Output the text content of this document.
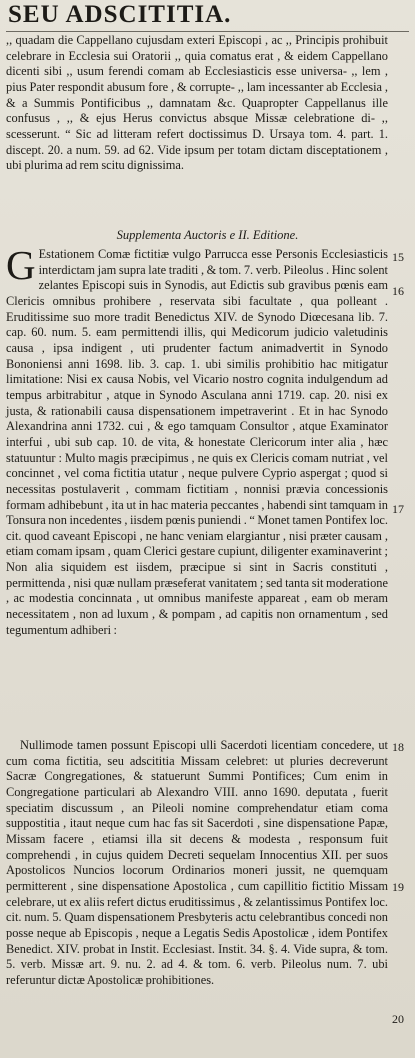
SEU ADSCITITIA.
,, quadam die Cappellano cujusdam exteri Episcopi , ac ,, Principis prohibuit celebrare in Ecclesia sui Oratorii ,, quia comatus erat , & eidem Cappellano dicenti sibi ,, usum ferendi comam ab Ecclesiasticis esse universa- ,, lem , pius Pater respondit abusum fore , & corrupte- ,, lam incessanter ab Ecclesia , & a Summis Pontificibus ,, damnatam &c. Quapropter Cappellanus ille confusus , ,, & ejus Herus convictus absque Missæ celebratione di- ,, scesserunt. “ Sic ad litteram refert doctissimus D. Ursaya tom. 4. part. 1. discept. 20. a num. 59. ad 62. Vide ipsum per totam dictam disceptationem , ubi plurima ad rem scitu dignissima.
Supplementa Auctoris e II. Editione.
G Estationem Comæ fictitiæ vulgo Parrucca esse Personis Ecclesiasticis interdictam jam supra late traditi , & tom. 7. verb. Pileolus . Hinc solent zelantes Episcopi suis in Synodis, aut Edictis sub gravibus pœnis eam Clericis omnibus prohibere , reservata sibi facultate , qua polleant . Eruditissime suo more tradit Benedictus XIV. de Synodo Diœcesana lib. 7. cap. 60. num. 5. eam permittendi illis, qui Medicorum judicio valetudinis causa , ipsa indigent , uti prudenter factum animadvertit in Synodo Bononiensi anni 1698. lib. 3. cap. 1. ubi similis prohibitio hac mitigatur limitatione: Nisi ex causa Nobis, vel Vicario nostro cognita indulgendum ad tempus arbitrabitur , atque in Synodo Asculana anni 1719. cap. 20. nisi ex justa, & rationabili causa dispensationem impetraverint . Et in hac Synodo Alexandrina anni 1732. cui , & ego tamquam Consultor , atque Examinator interfui , ubi sub cap. 10. de vita, & honestate Clericorum inter alia , hæc statuuntur : Multo magis præcipimus , ne quis ex Clericis comam nutriat , vel concinnet , vel coma fictitia utatur , neque pulvere Cyprio aspergat ; quod si necessitas postulaverit , commam fictitiam , nonnisi prævia concessionis formam adhibebunt , ita ut in hac materia peccantes , habendi sint tamquam in Tonsura non incedentes , iisdem pœnis puniendi . “ Monet tamen Pontifex loc. cit. quod caveant Episcopi , ne hanc veniam elargiantur , nisi præter causam , etiam comam ipsam , quam Clerici gestare cupiunt, diligenter examinaverint ; Non alia siquidem est iisdem, præcipue si sint in Sacris constituti , permittenda , nisi quæ nullam præseferat vanitatem ; sed tanta sit moderatione , ac modestia concinnata , ut omnibus manifeste appareat , eam ob meram necessitatem , non ad luxum , & pompam , ad capitis non ornamentum , sed tegumentum adhiberi :
Nullimode tamen possunt Episcopi ulli Sacerdoti licentiam concedere, ut cum coma fictitia, seu adscititia Missam celebret: ut pluries decreverunt Sacræ Congregationes, & statuerunt Summi Pontifices; Cum enim in Congregatione particulari ab Alexandro VIII. anno 1690. deputata , fuerit speciatim discussum , an Pileoli nomine comprehendatur etiam coma suppostitia , itaut neque cum hac fas sit Sacerdoti , sine dispensatione Papæ, Missam facere , etiamsi illa sit decens & modesta , responsum fuit comprehendi , in cujus quidem Decreti sequelam Innocentius XII. per suos Apostolicos Nuncios locorum Ordinarios moneri jussit, ne quemquam permitterent , sine dispensatione Apostolica , cum capillitio fictitio Missam celebrare, ut ex aliis refert dictus eruditissimus , & zelantissimus Pontifex loc. cit. num. 5. Quam dispensationem Presbyteris actu celebrantibus concedi non posse neque ab Episcopis , neque a Legatis Sedis Apostolicæ , idem Pontifex Benedict. XIV. probat in Instit. Ecclesiast. Instit. 34. §. 4. Vide supra, & tom. 5. verb. Missæ art. 9. nu. 2. ad 4. & tom. 6. verb. Pileolus num. 7. ubi referuntur dictæ Apostolicæ prohibitiones.
15
16
17
18
19
20
